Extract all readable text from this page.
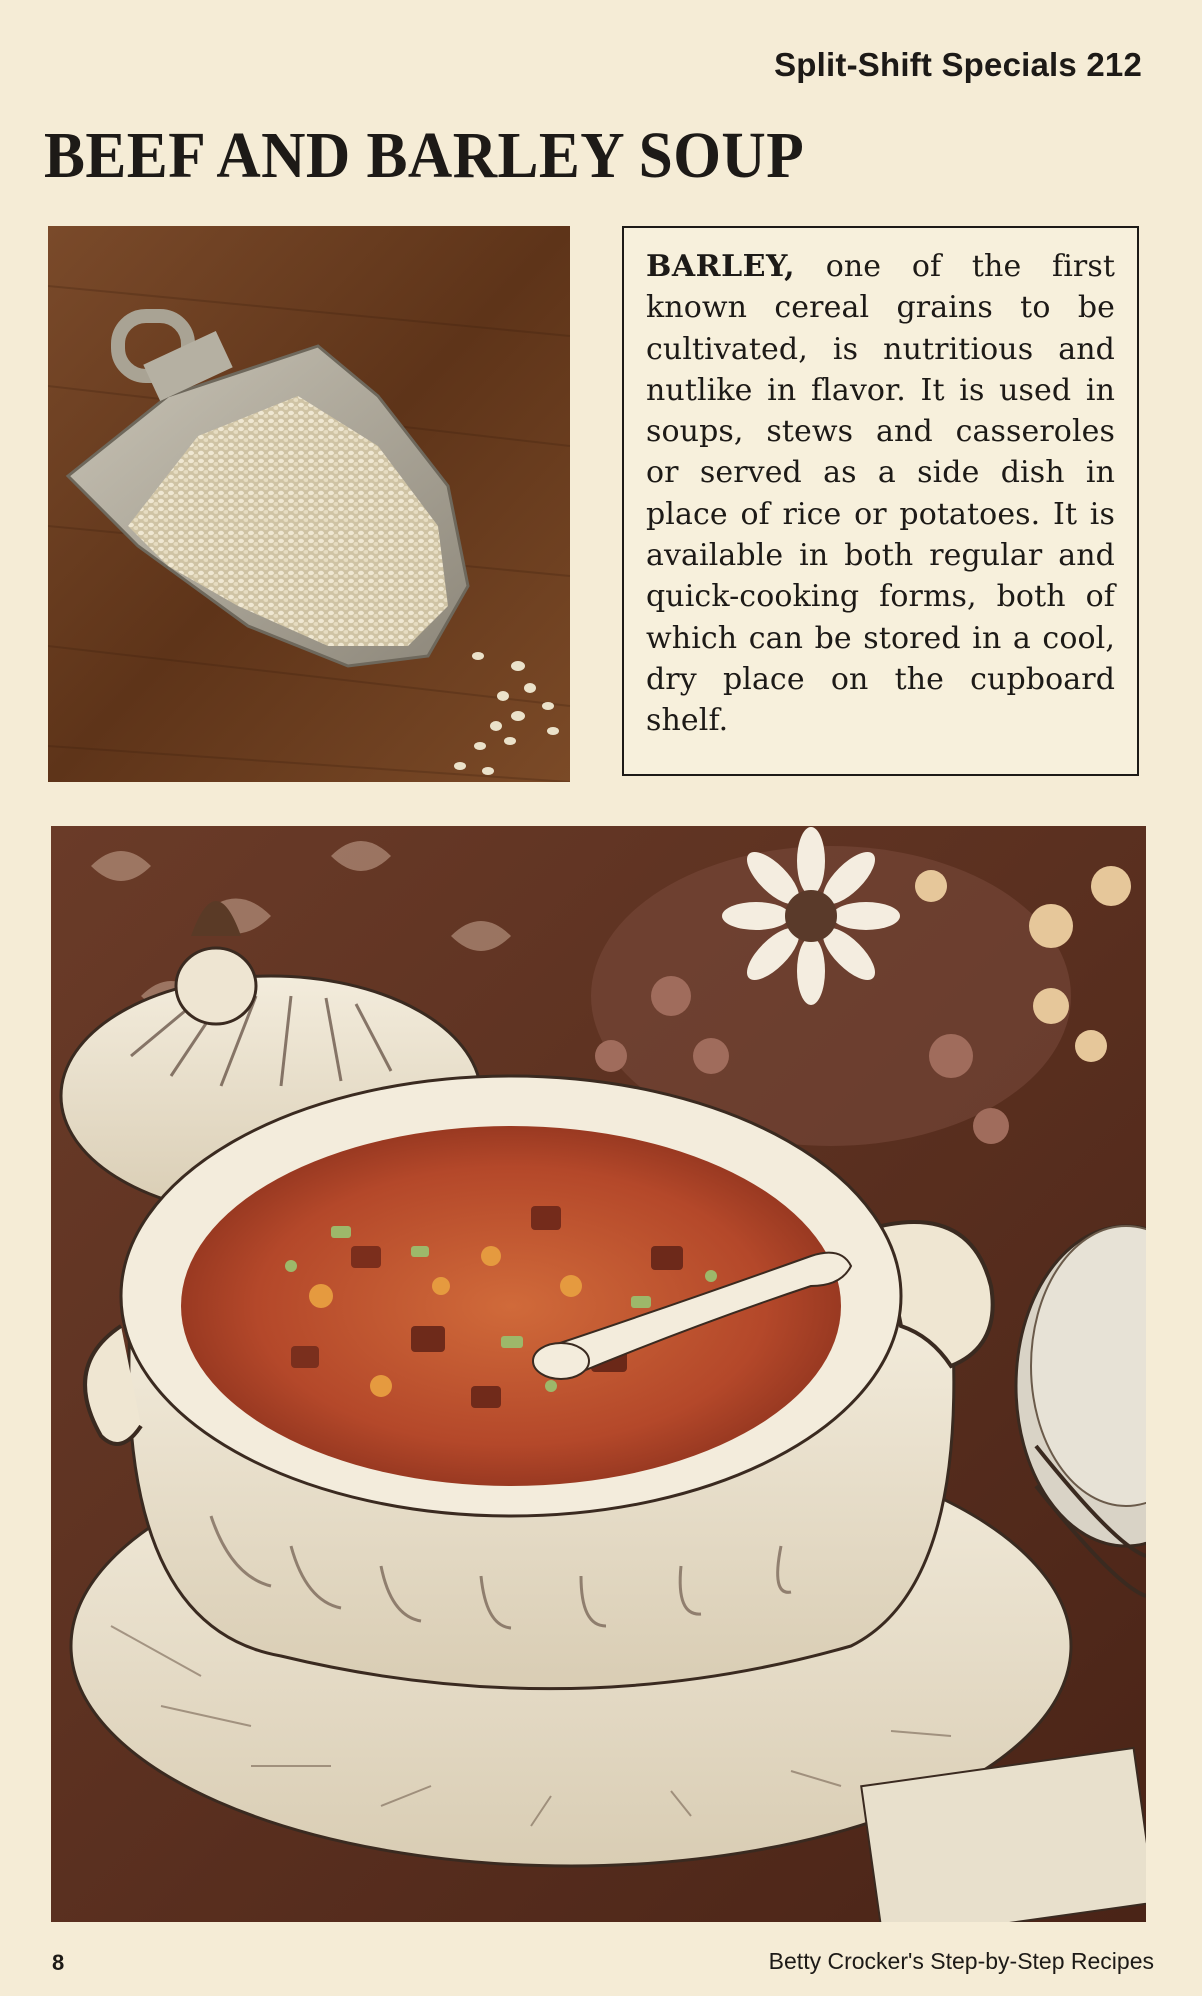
Split-Shift Specials 212
BEEF AND BARLEY SOUP

BARLEY, one of the first known cereal grains to be cultivated, is nutritious and nutlike in flavor. It is used in soups, stews and casseroles or served as a side dish in place of rice or potatoes. It is available in both regular and quick-cooking forms, both of which can be stored in a cool, dry place on the cupboard shelf.

8	Betty Crocker's Step-by-Step Recipes
